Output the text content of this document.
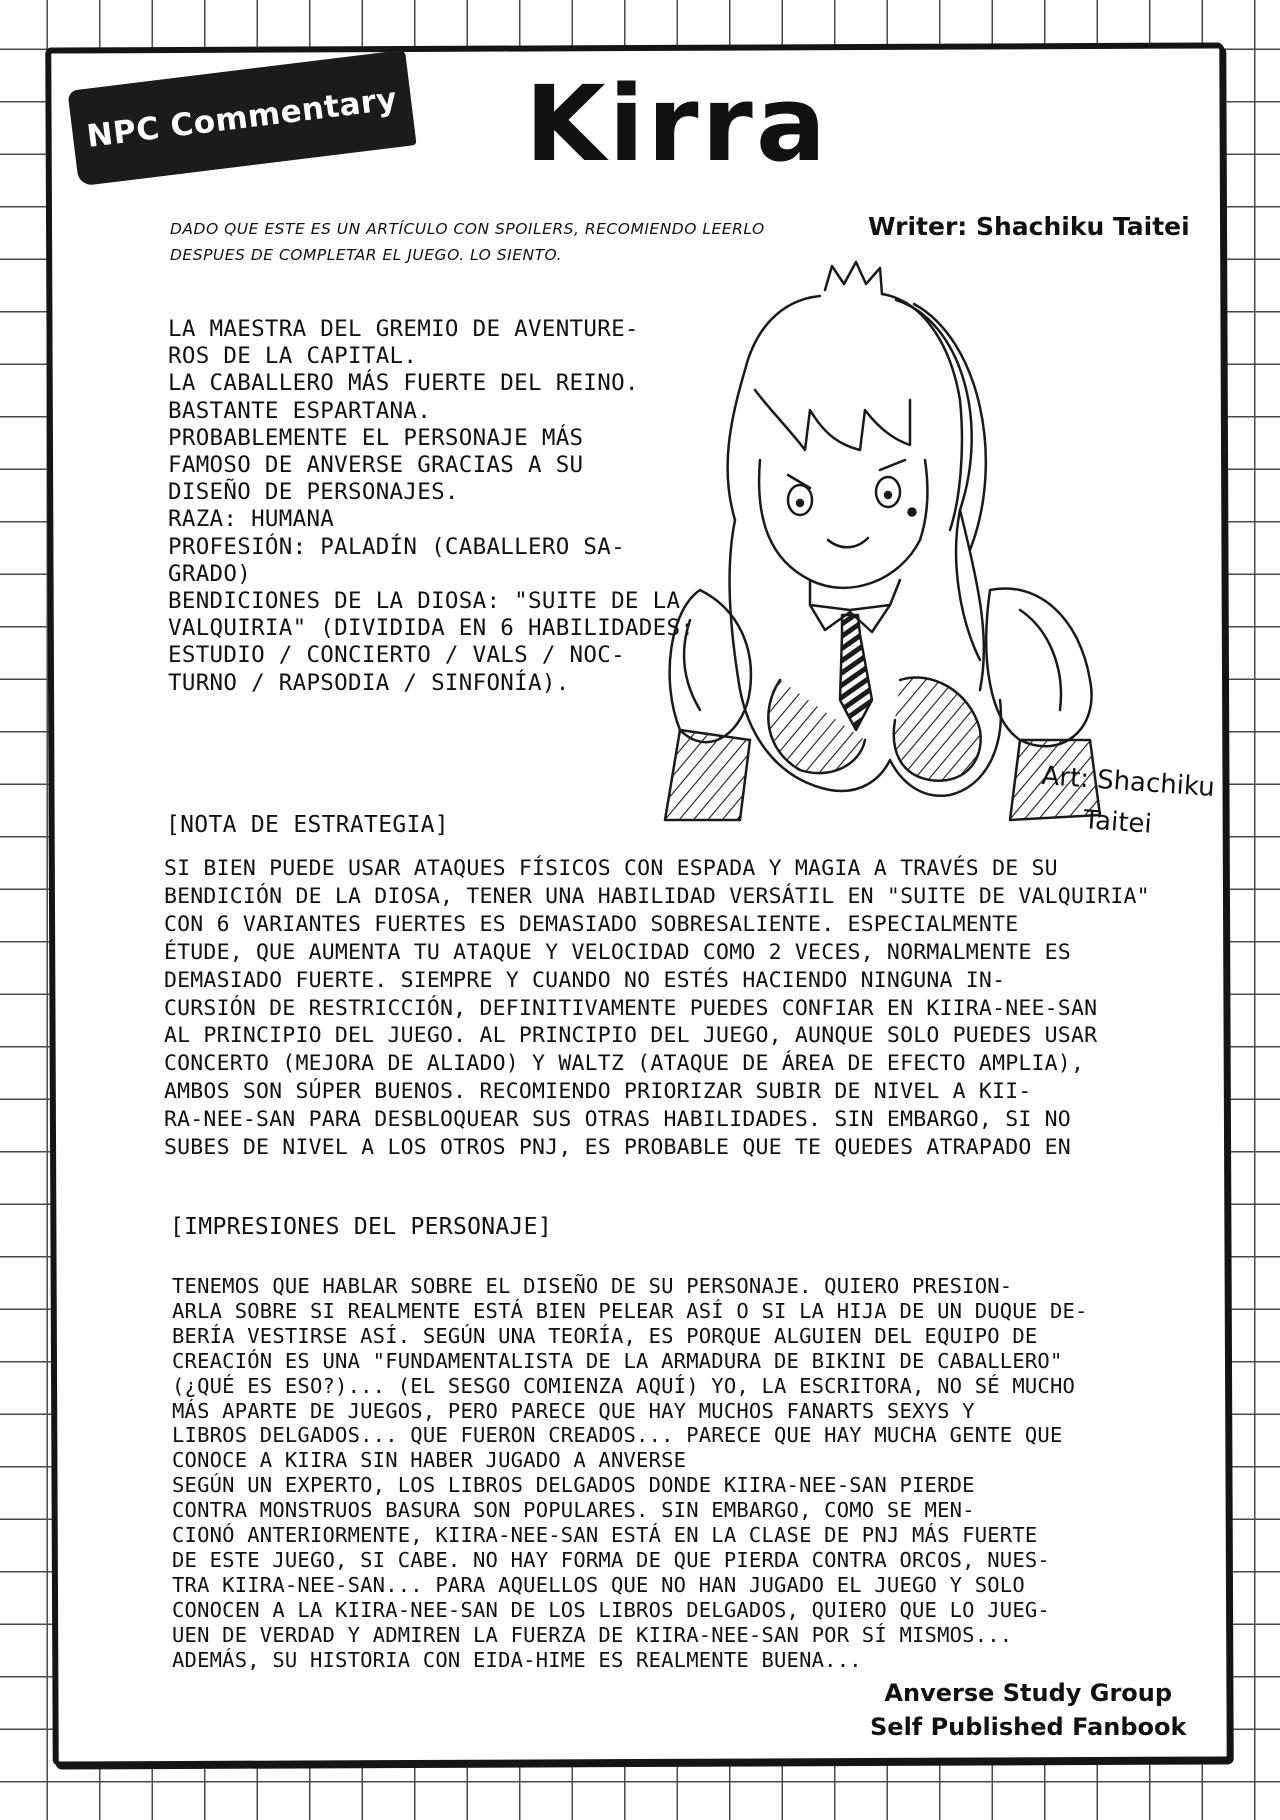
NPC Commentary Kirra
DADO QUE ESTE ES UN ARTÍCULO CON SPOILERS, RECOMIENDO LEERLO
DESPUES DE COMPLETAR EL JUEGO. LO SIENTO.

Writer: Shachiku Taitei

LA MAESTRA DEL GREMIO DE AVENTURE-
ROS DE LA CAPITAL.
LA CABALLERO MÁS FUERTE DEL REINO.
BASTANTE ESPARTANA.
PROBABLEMENTE EL PERSONAJE MÁS
FAMOSO DE ANVERSE GRACIAS A SU
DISEÑO DE PERSONAJES.
RAZA: HUMANA
PROFESIÓN: PALADÍN (CABALLERO SA-
GRADO)
BENDICIONES DE LA DIOSA: "SUITE DE LA
VALQUIRIA" (DIVIDIDA EN 6 HABILIDADES:
ESTUDIO / CONCIERTO / VALS / NOC-
TURNO / RAPSODIA / SINFONÍA).
Art: Shachiku
Taitei
[NOTA DE ESTRATEGIA]
SI BIEN PUEDE USAR ATAQUES FÍSICOS CON ESPADA Y MAGIA A TRAVÉS DE SU
BENDICIÓN DE LA DIOSA, TENER UNA HABILIDAD VERSÁTIL EN "SUITE DE VALQUIRIA"
CON 6 VARIANTES FUERTES ES DEMASIADO SOBRESALIENTE. ESPECIALMENTE
ÉTUDE, QUE AUMENTA TU ATAQUE Y VELOCIDAD COMO 2 VECES, NORMALMENTE ES
DEMASIADO FUERTE. SIEMPRE Y CUANDO NO ESTÉS HACIENDO NINGUNA IN-
CURSIÓN DE RESTRICCIÓN, DEFINITIVAMENTE PUEDES CONFIAR EN KIIRA-NEE-SAN
AL PRINCIPIO DEL JUEGO. AL PRINCIPIO DEL JUEGO, AUNQUE SOLO PUEDES USAR
CONCERTO (MEJORA DE ALIADO) Y WALTZ (ATAQUE DE ÁREA DE EFECTO AMPLIA),
AMBOS SON SÚPER BUENOS. RECOMIENDO PRIORIZAR SUBIR DE NIVEL A KII-
RA-NEE-SAN PARA DESBLOQUEAR SUS OTRAS HABILIDADES. SIN EMBARGO, SI NO
SUBES DE NIVEL A LOS OTROS PNJ, ES PROBABLE QUE TE QUEDES ATRAPADO EN
[IMPRESIONES DEL PERSONAJE]
TENEMOS QUE HABLAR SOBRE EL DISEÑO DE SU PERSONAJE. QUIERO PRESION-
ARLA SOBRE SI REALMENTE ESTÁ BIEN PELEAR ASÍ O SI LA HIJA DE UN DUQUE DE-
BERÍA VESTIRSE ASÍ. SEGÚN UNA TEORÍA, ES PORQUE ALGUIEN DEL EQUIPO DE
CREACIÓN ES UNA "FUNDAMENTALISTA DE LA ARMADURA DE BIKINI DE CABALLERO"
(¿QUÉ ES ESO?)... (EL SESGO COMIENZA AQUÍ) YO, LA ESCRITORA, NO SÉ MUCHO
MÁS APARTE DE JUEGOS, PERO PARECE QUE HAY MUCHOS FANARTS SEXYS Y
LIBROS DELGADOS... QUE FUERON CREADOS... PARECE QUE HAY MUCHA GENTE QUE
CONOCE A KIIRA SIN HABER JUGADO A ANVERSE
SEGÚN UN EXPERTO, LOS LIBROS DELGADOS DONDE KIIRA-NEE-SAN PIERDE
CONTRA MONSTRUOS BASURA SON POPULARES. SIN EMBARGO, COMO SE MEN-
CIONÓ ANTERIORMENTE, KIIRA-NEE-SAN ESTÁ EN LA CLASE DE PNJ MÁS FUERTE
DE ESTE JUEGO, SI CABE. NO HAY FORMA DE QUE PIERDA CONTRA ORCOS, NUES-
TRA KIIRA-NEE-SAN... PARA AQUELLOS QUE NO HAN JUGADO EL JUEGO Y SOLO
CONOCEN A LA KIIRA-NEE-SAN DE LOS LIBROS DELGADOS, QUIERO QUE LO JUEG-
UEN DE VERDAD Y ADMIREN LA FUERZA DE KIIRA-NEE-SAN POR SÍ MISMOS...
ADEMÁS, SU HISTORIA CON EIDA-HIME ES REALMENTE BUENA...
Anverse Study Group
Self Published Fanbook
